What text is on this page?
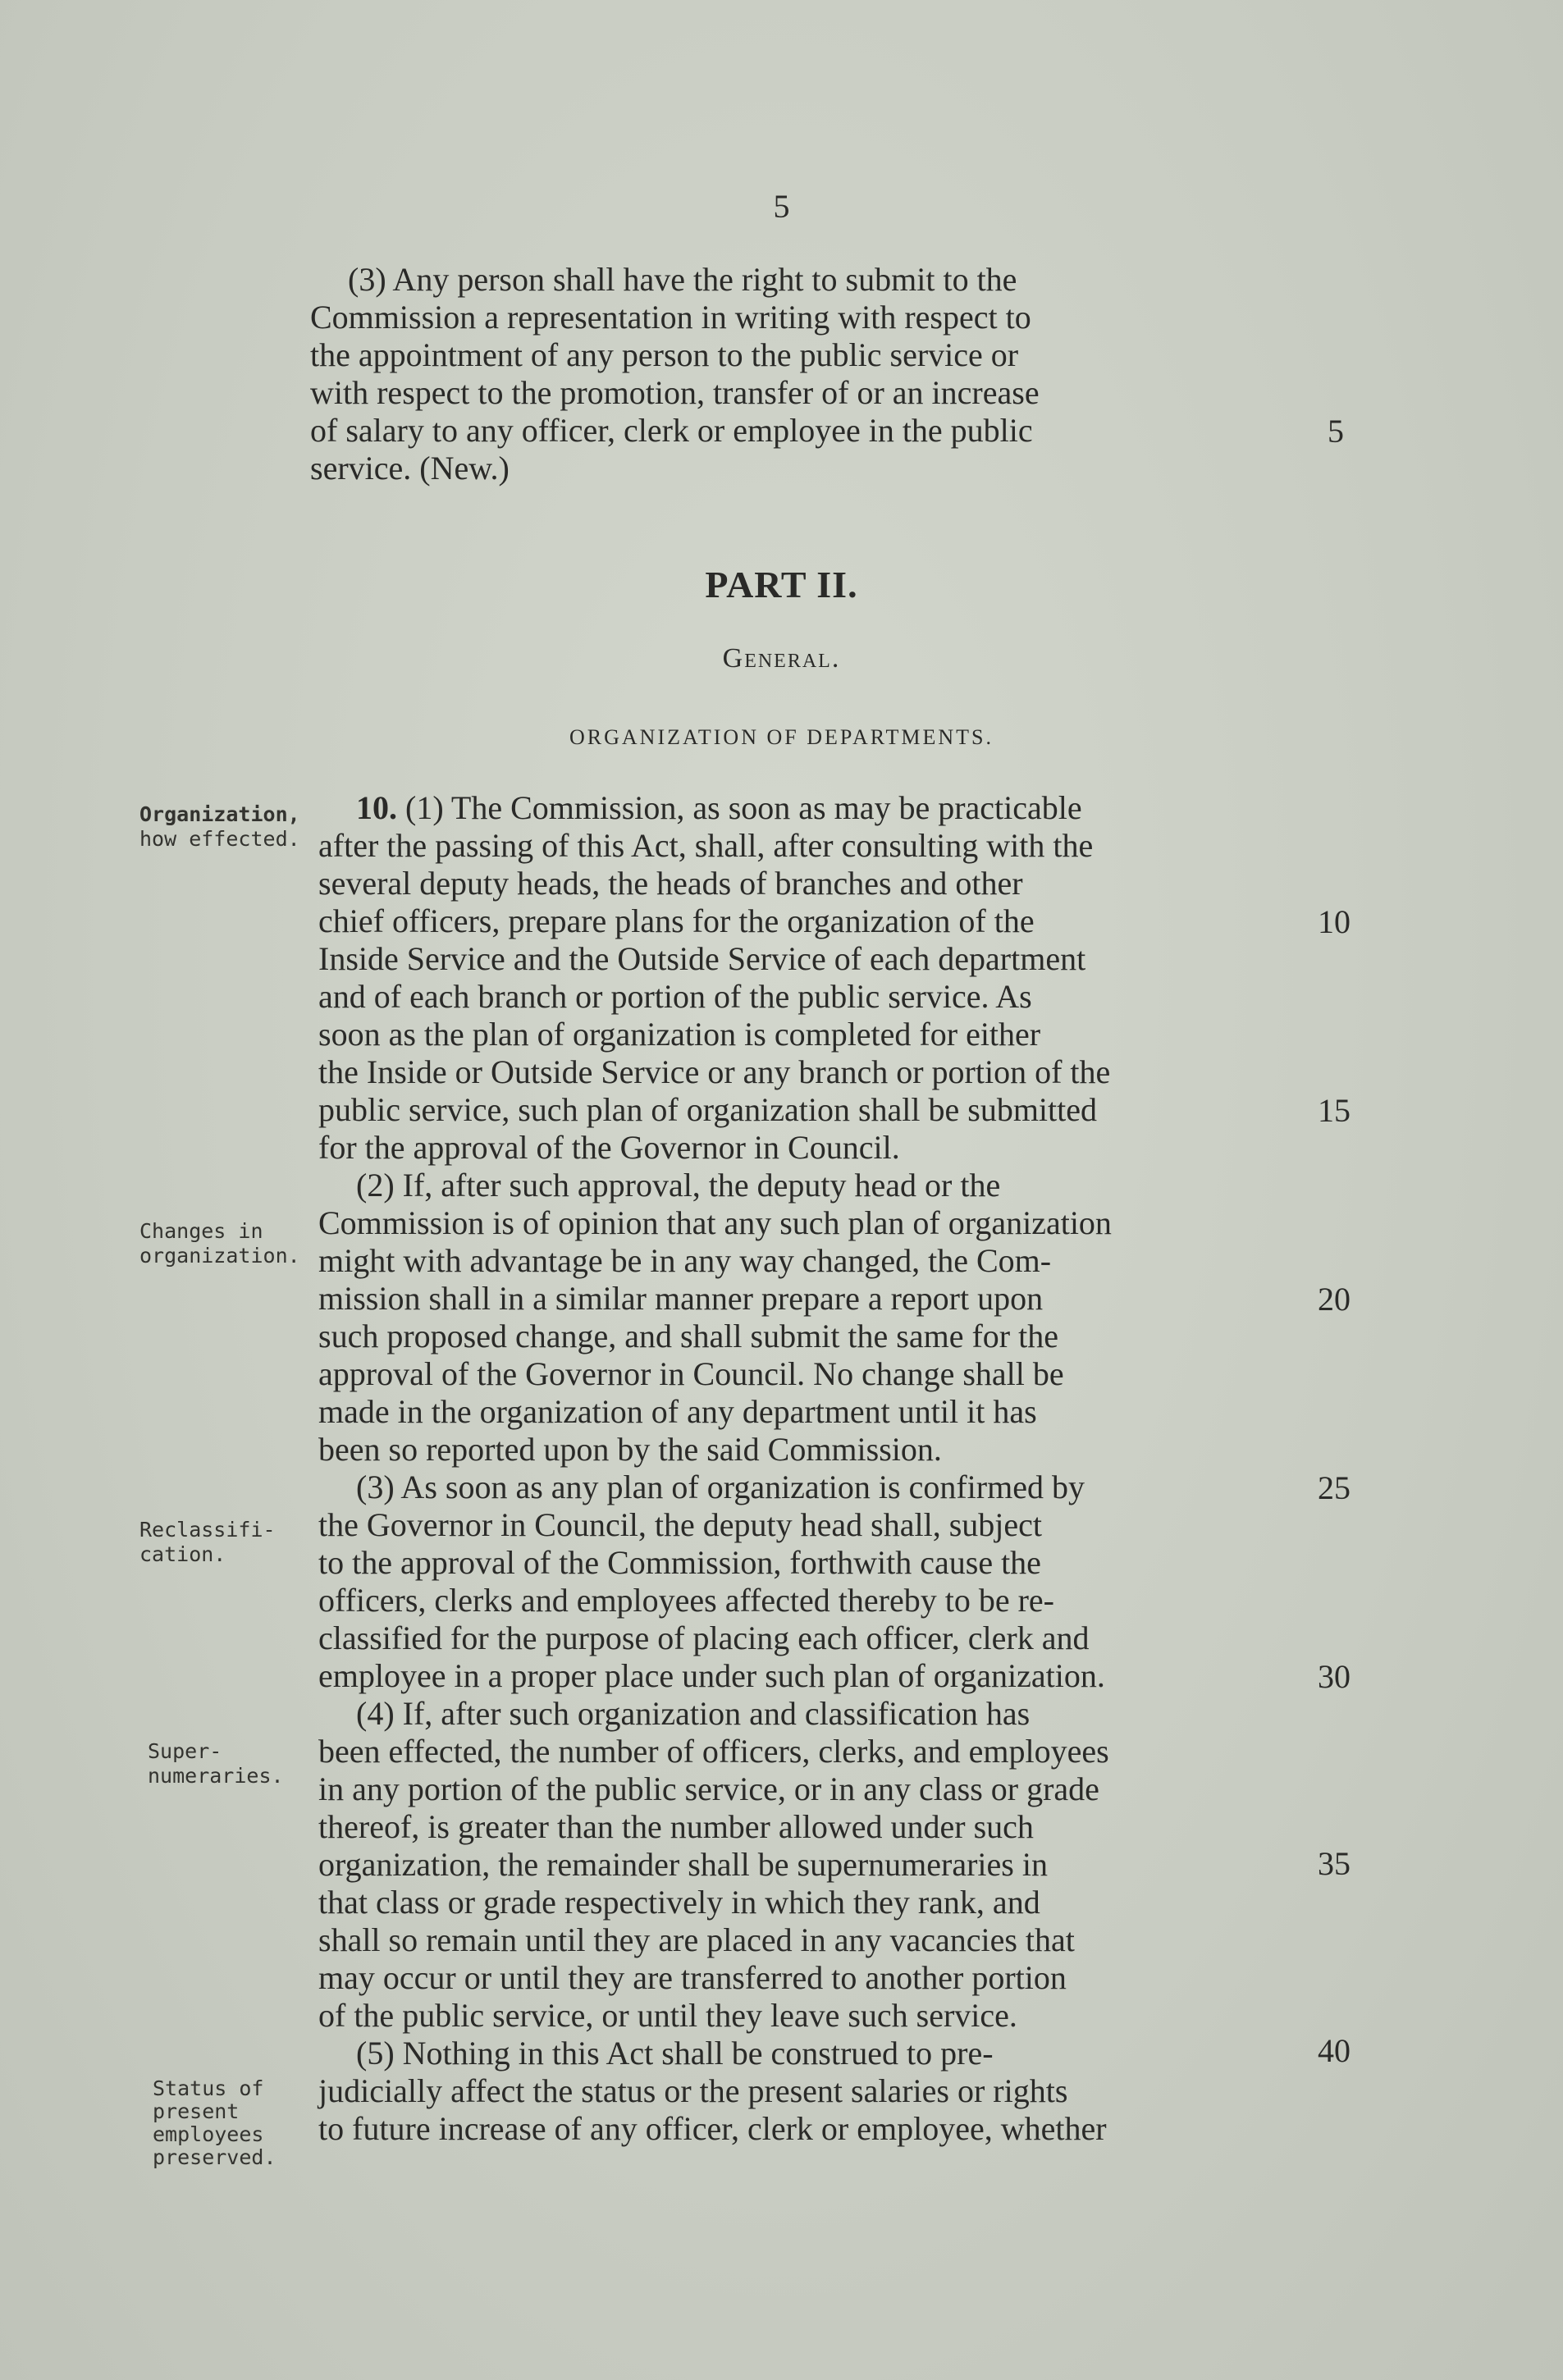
5
(3) Any person shall have the right to submit to the
Commission a representation in writing with respect to
the appointment of any person to the public service or
with respect to the promotion, transfer of or an increase
of salary to any officer, clerk or employee in the public
service. (New.)
PART II.
General.
ORGANIZATION OF DEPARTMENTS.
10. (1) The Commission, as soon as may be practicable
after the passing of this Act, shall, after consulting with the
several deputy heads, the heads of branches and other
chief officers, prepare plans for the organization of the
Inside Service and the Outside Service of each department
and of each branch or portion of the public service. As
soon as the plan of organization is completed for either
the Inside or Outside Service or any branch or portion of the
public service, such plan of organization shall be submitted
for the approval of the Governor in Council.
(2) If, after such approval, the deputy head or the
Commission is of opinion that any such plan of organization
might with advantage be in any way changed, the Com-
mission shall in a similar manner prepare a report upon
such proposed change, and shall submit the same for the
approval of the Governor in Council. No change shall be
made in the organization of any department until it has
been so reported upon by the said Commission.
(3) As soon as any plan of organization is confirmed by
the Governor in Council, the deputy head shall, subject
to the approval of the Commission, forthwith cause the
officers, clerks and employees affected thereby to be re-
classified for the purpose of placing each officer, clerk and
employee in a proper place under such plan of organization.
(4) If, after such organization and classification has
been effected, the number of officers, clerks, and employees
in any portion of the public service, or in any class or grade
thereof, is greater than the number allowed under such
organization, the remainder shall be supernumeraries in
that class or grade respectively in which they rank, and
shall so remain until they are placed in any vacancies that
may occur or until they are transferred to another portion
of the public service, or until they leave such service.
(5) Nothing in this Act shall be construed to pre-
judicially affect the status or the present salaries or rights
to future increase of any officer, clerk or employee, whether
Organization,
how effected.
Changes in
organization.
Reclassifi-
cation.
Super-
numeraries.
Status of
present
employees
preserved.
5
10
15
20
25
30
35
40
